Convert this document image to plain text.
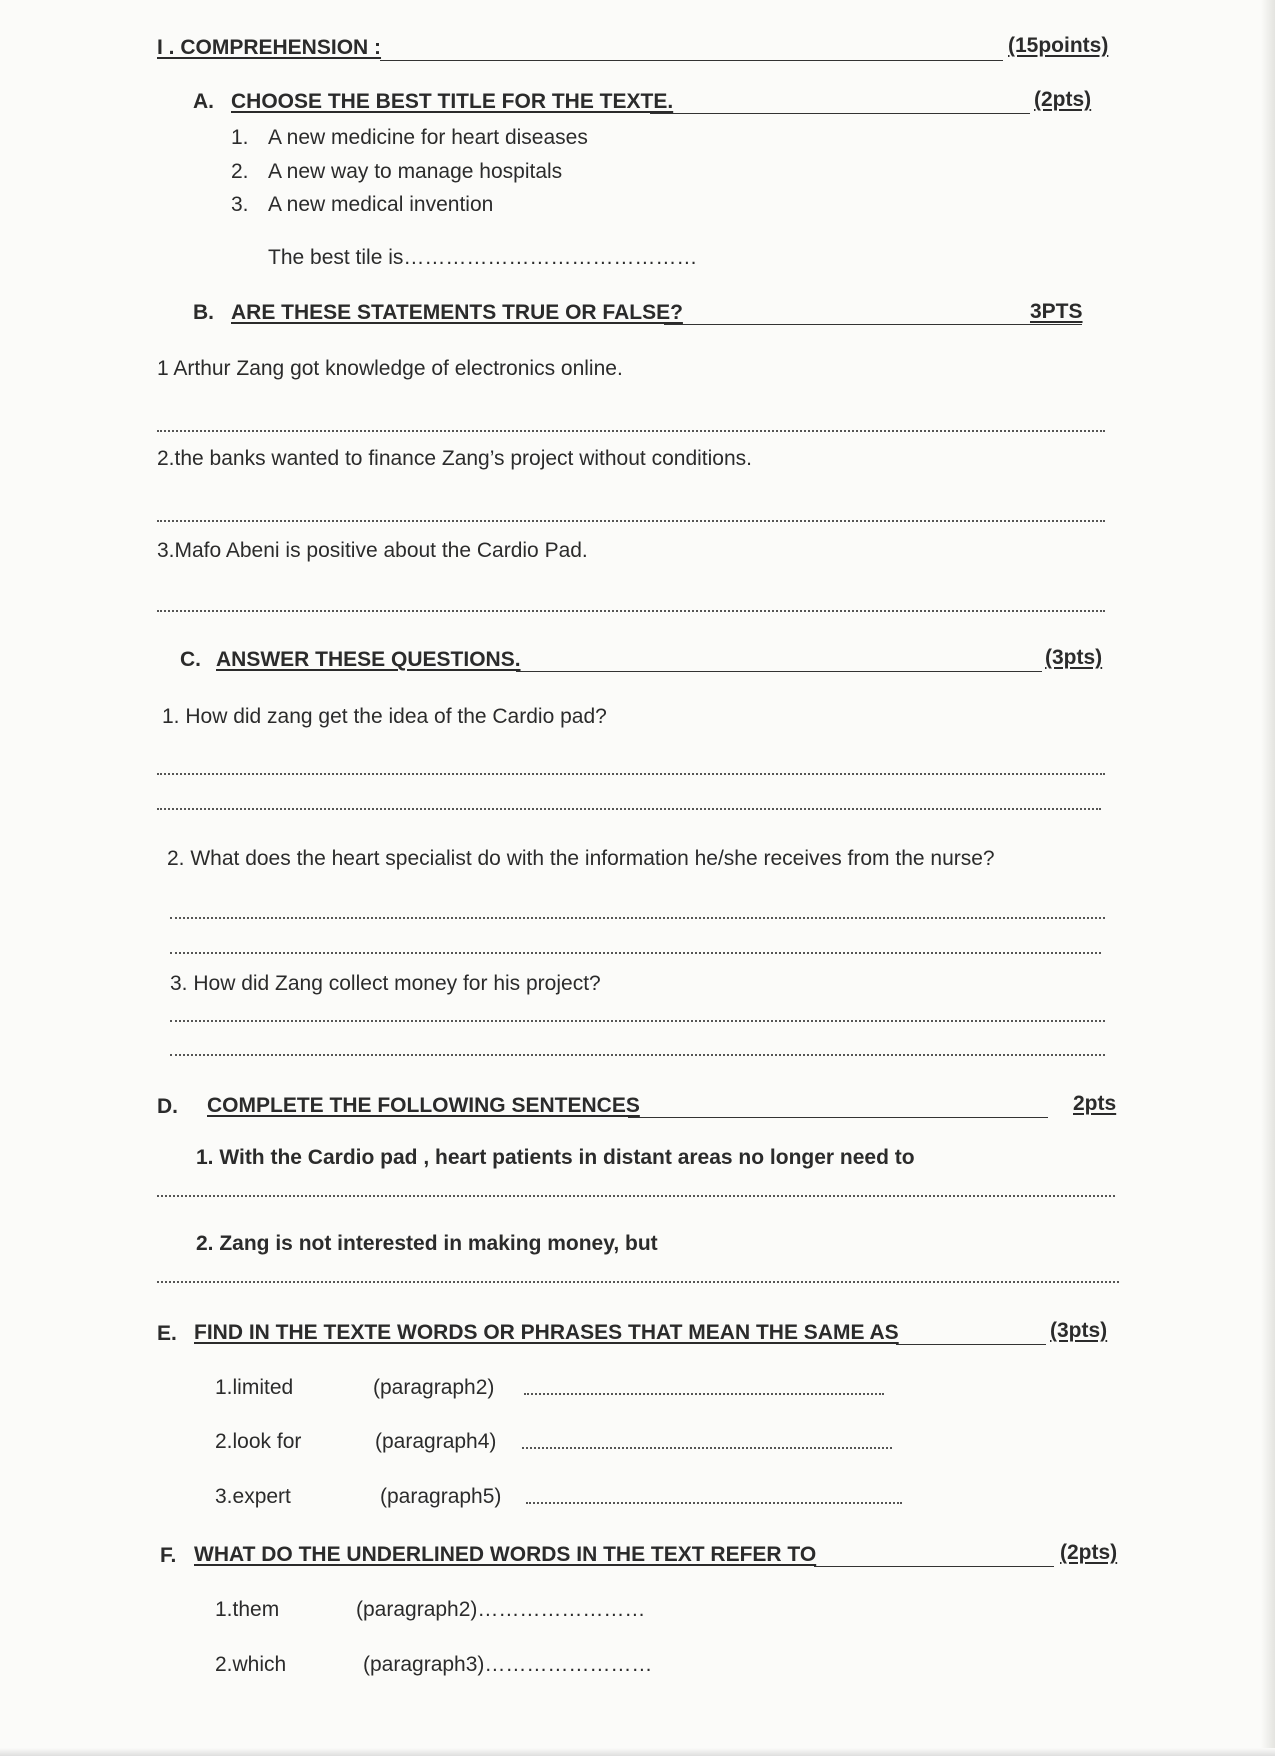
I . COMPREHENSION :	(15points)
A. CHOOSE THE BEST TITLE FOR THE TEXTE.	(2pts)
1. A new medicine for heart diseases
2. A new way to manage hospitals
3. A new medical invention
The best tile is……………………………………
B. ARE THESE STATEMENTS TRUE OR FALSE?	3PTS
1 Arthur Zang got knowledge of electronics online.
2.the banks wanted to finance Zang’s project without conditions.
3.Mafo Abeni is positive about the Cardio Pad.
C. ANSWER THESE QUESTIONS.	(3pts)
1. How did zang get the idea of the Cardio pad?
2. What does the heart specialist do with the information he/she receives from the nurse?
3. How did Zang collect money for his project?
D. COMPLETE THE FOLLOWING SENTENCES	2pts
1. With the Cardio pad , heart patients in distant areas no longer need to
2. Zang is not interested in making money, but
E. FIND IN THE TEXTE WORDS OR PHRASES THAT MEAN THE SAME AS	(3pts)
1.limited	(paragraph2)
2.look for	(paragraph4)
3.expert	(paragraph5)
F. WHAT DO THE UNDERLINED WORDS IN THE TEXT REFER TO	(2pts)
1.them	(paragraph2)……………………
2.which	(paragraph3)……………………
